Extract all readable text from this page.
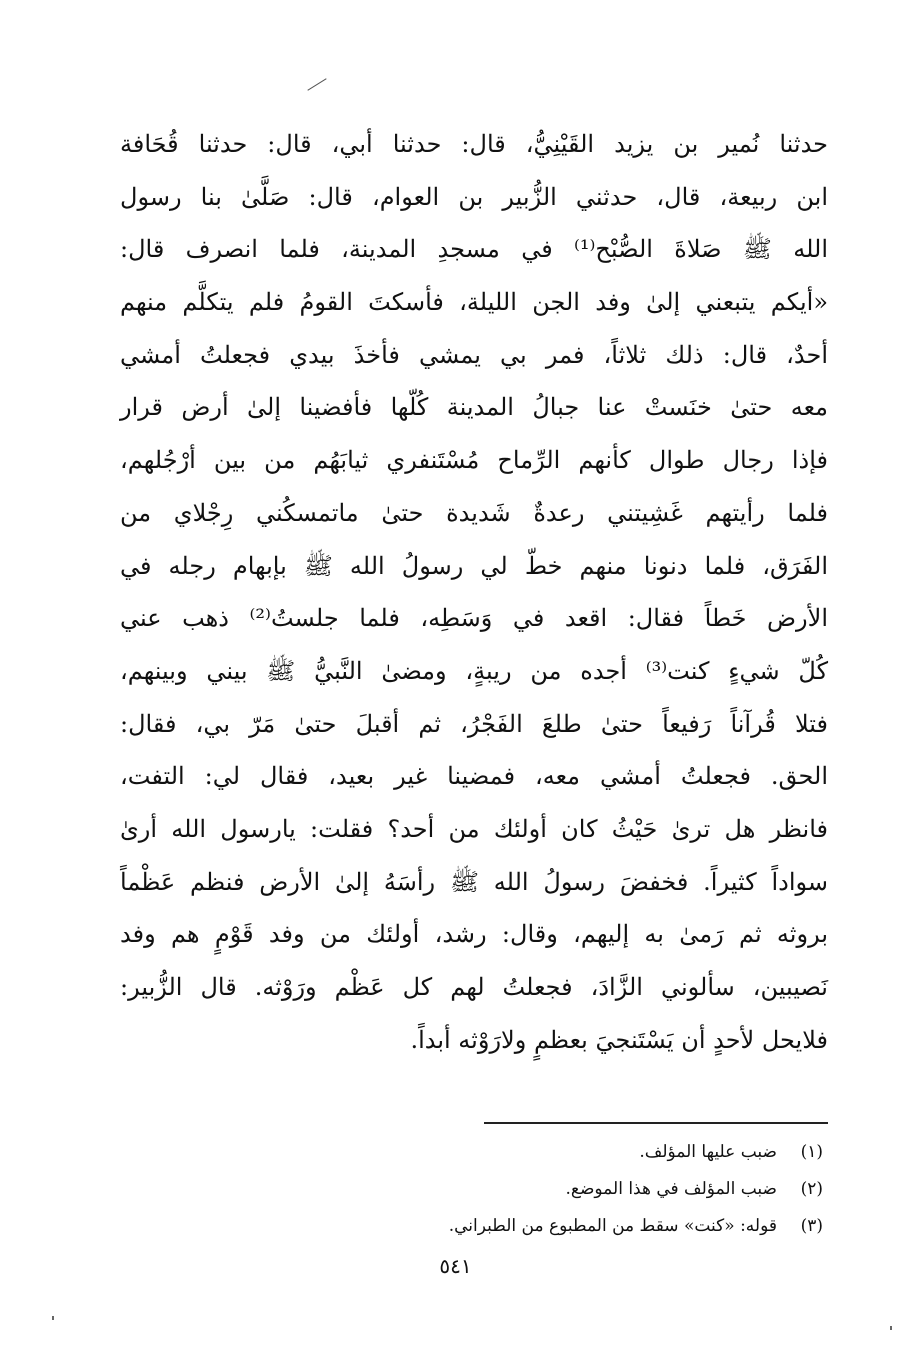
حدثنا نُمير بن يزيد القَيْنِيُّ، قال: حدثنا أبي، قال: حدثنا قُحَافة
ابن ربيعة، قال، حدثني الزُّبير بن العوام، قال: صَلَّىٰ بنا رسول
الله ﷺ صَلاةَ الصُّبْح⁽¹⁾ في مسجدِ المدينة، فلما انصرف قال:
«أيكم يتبعني إلىٰ وفد الجن الليلة، فأسكتَ القومُ فلم يتكلَّم منهم
أحدٌ، قال: ذلك ثلاثاً، فمر بي يمشي فأخذَ بيدي فجعلتُ أمشي
معه حتىٰ خنَستْ عنا جبالُ المدينة كُلّها فأفضينا إلىٰ أرض قرار
فإذا رجال طوال كأنهم الرِّماح مُسْتَنفري ثيابَهُم من بين أرْجُلهم،
فلما رأيتهم غَشِيتني رعدةٌ شَديدة حتىٰ ماتمسكُني رِجْلاي من
الفَرَق، فلما دنونا منهم خطّ لي رسولُ الله ﷺ بإبهام رجله في
الأرض خَطاً فقال: اقعد في وَسَطِه، فلما جلستُ⁽²⁾ ذهب عني
كُلّ شيءٍ كنت⁽³⁾ أجده من ريبةٍ، ومضىٰ النَّبيُّ ﷺ بيني وبينهم،
فتلا قُرآناً رَفيعاً حتىٰ طلعَ الفَجْرُ، ثم أقبلَ حتىٰ مَرّ بي، فقال:
الحق. فجعلتُ أمشي معه، فمضينا غير بعيد، فقال لي: التفت،
فانظر هل ترىٰ حَيْثُ كان أولئك من أحد؟ فقلت: يارسول الله أرىٰ
سواداً كثيراً. فخفضَ رسولُ الله ﷺ رأسَهُ إلىٰ الأرض فنظم عَظْماً
بروثه ثم رَمىٰ به إليهم، وقال: رشد، أولئك من وفد قَوْمٍ هم وفد
نَصيبين، سألوني الزَّادَ، فجعلتُ لهم كل عَظْم ورَوْثه. قال الزُّبير:
فلايحل لأحدٍ أن يَسْتَنجيَ بعظمٍ ولارَوْثه أبداً.
(١)ضبب عليها المؤلف.
(٢)ضبب المؤلف في هذا الموضع.
(٣)قوله: «كنت» سقط من المطبوع من الطبراني.
٥٤١
